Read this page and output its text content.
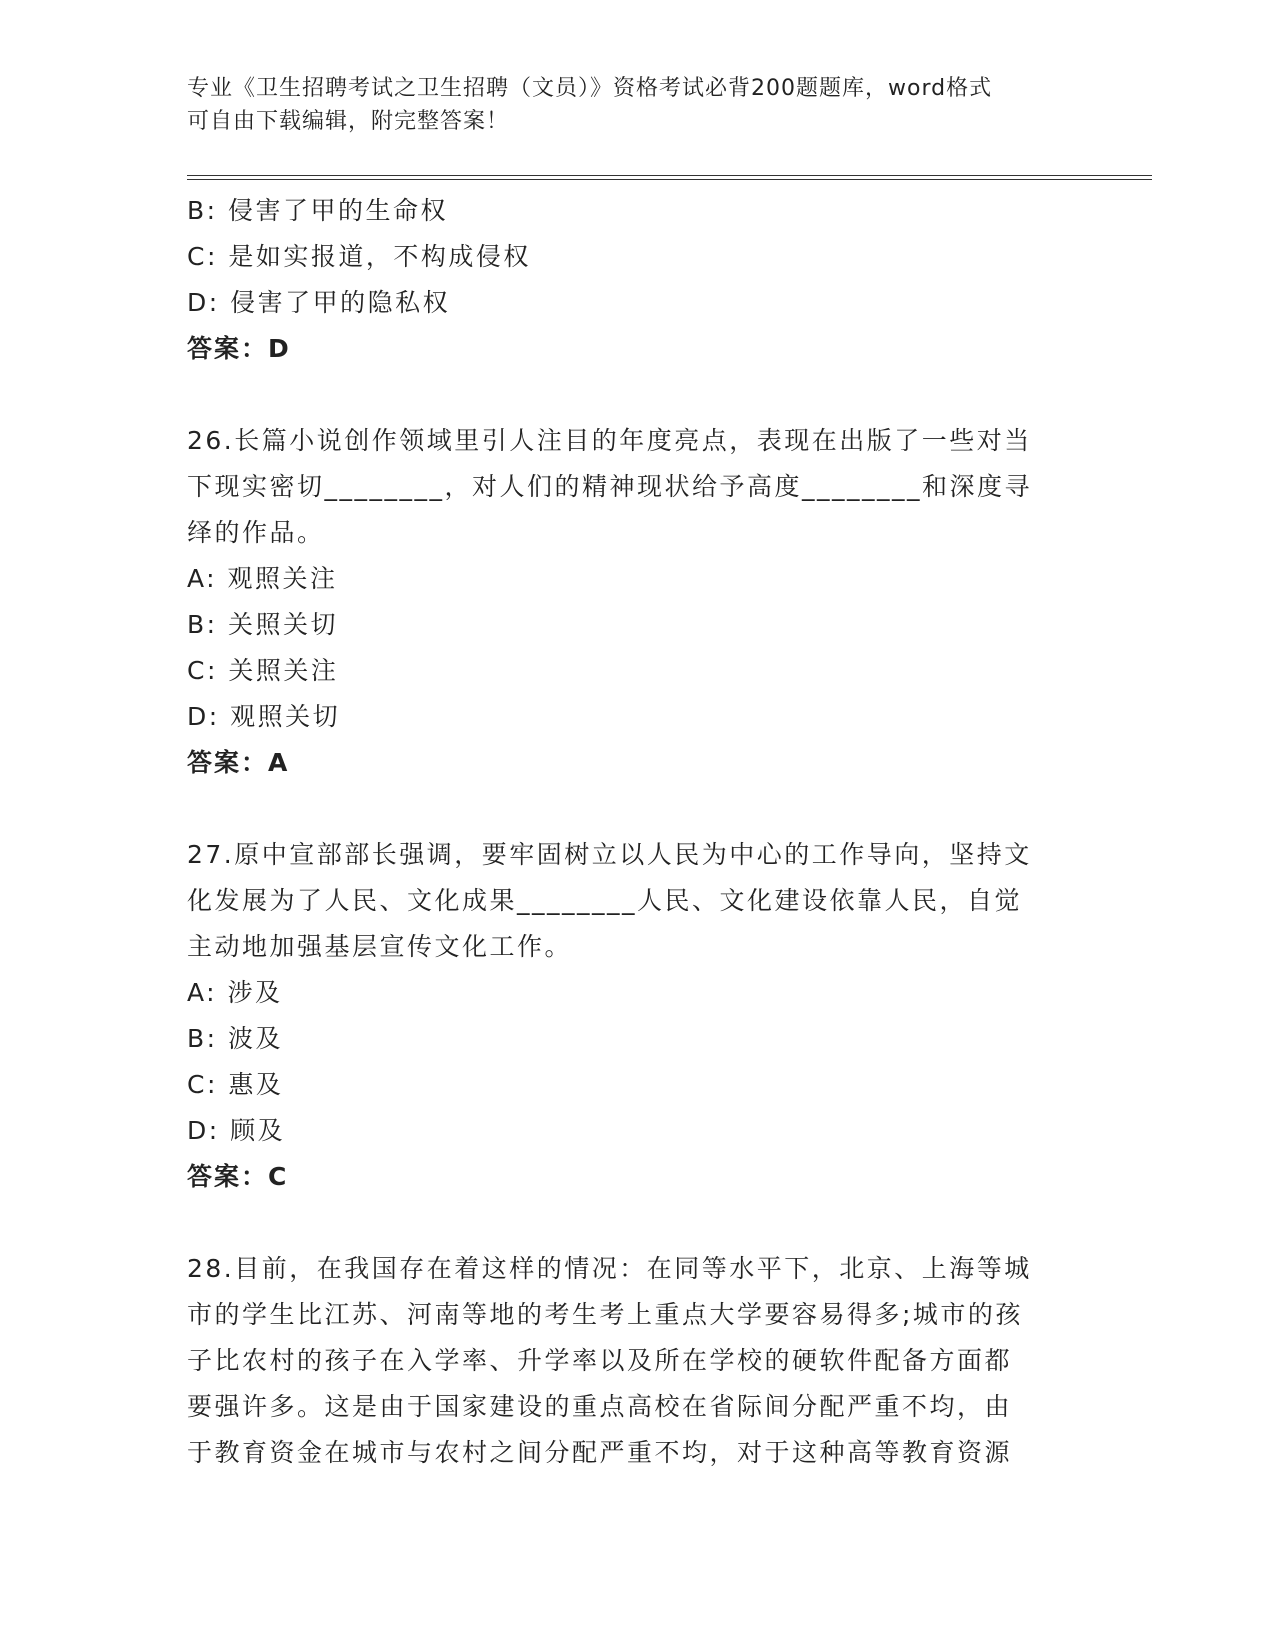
专业《卫生招聘考试之卫生招聘（文员）》资格考试必背200题题库，word格式
可自由下载编辑，附完整答案！
B: 侵害了甲的生命权
C: 是如实报道，不构成侵权
D: 侵害了甲的隐私权
答案：D
26.长篇小说创作领域里引人注目的年度亮点，表现在出版了一些对当
下现实密切________，对人们的精神现状给予高度________和深度寻
绎的作品。
A: 观照关注
B: 关照关切
C: 关照关注
D: 观照关切
答案：A
27.原中宣部部长强调，要牢固树立以人民为中心的工作导向，坚持文
化发展为了人民、文化成果________人民、文化建设依靠人民，自觉
主动地加强基层宣传文化工作。
A: 涉及
B: 波及
C: 惠及
D: 顾及
答案：C
28.目前，在我国存在着这样的情况：在同等水平下，北京、上海等城
市的学生比江苏、河南等地的考生考上重点大学要容易得多;城市的孩
子比农村的孩子在入学率、升学率以及所在学校的硬软件配备方面都
要强许多。这是由于国家建设的重点高校在省际间分配严重不均，由
于教育资金在城市与农村之间分配严重不均，对于这种高等教育资源
